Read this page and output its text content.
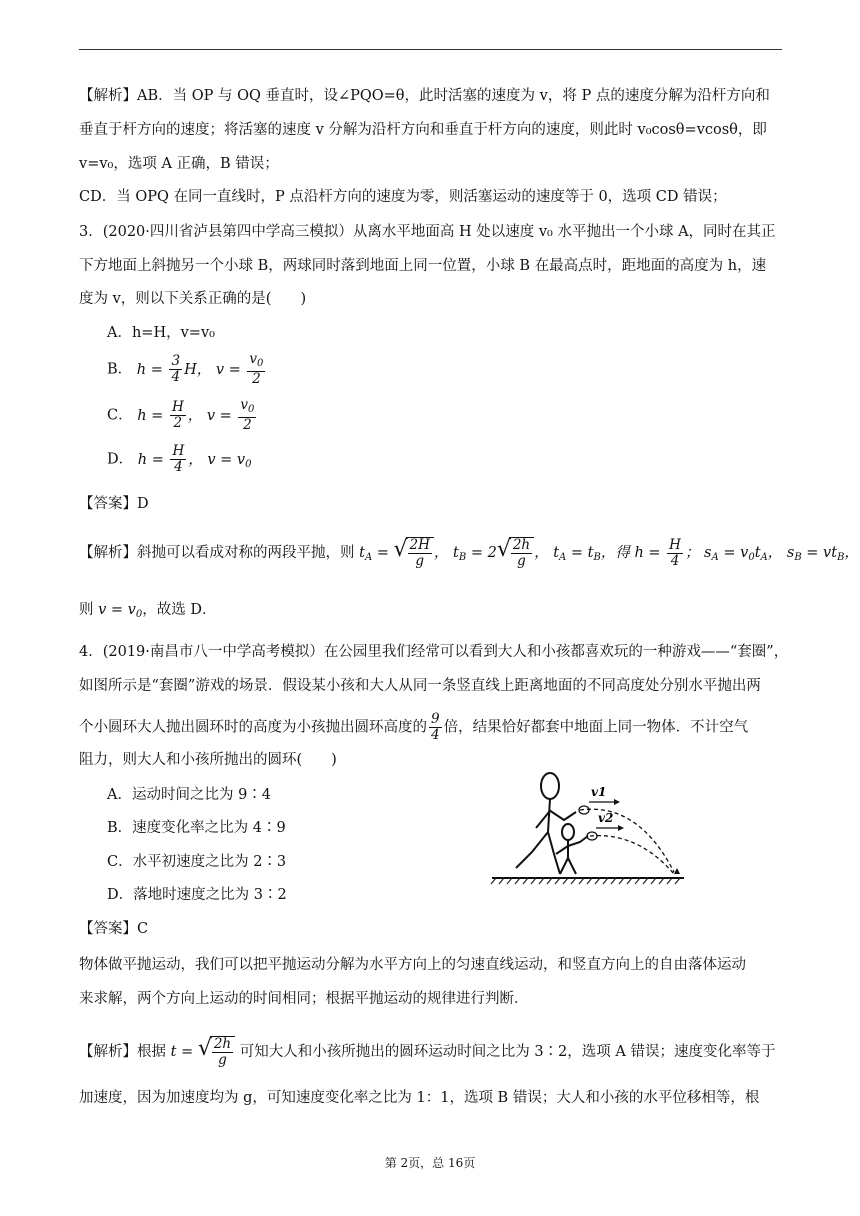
【解析】AB．当 OP 与 OQ 垂直时，设∠PQO=θ，此时活塞的速度为 v，将 P 点的速度分解为沿杆方向和
垂直于杆方向的速度；将活塞的速度 v 分解为沿杆方向和垂直于杆方向的速度，则此时 v₀cosθ=vcosθ，即
v=v₀，选项 A 正确，B 错误；
CD．当 OPQ 在同一直线时，P 点沿杆方向的速度为零，则活塞运动的速度等于 0，选项 CD 错误；
3．(2020·四川省泸县第四中学高三模拟）从离水平地面高 H 处以速度 v₀ 水平抛出一个小球 A，同时在其正
下方地面上斜抛另一个小球 B，两球同时落到地面上同一位置，小球 B 在最高点时，距地面的高度为 h，速
度为 v，则以下关系正确的是(　　)
A．h=H，v=v₀
B． $h = \frac{3}{4}$ H， $v = \frac{v_0}{2}$
C． $h = \frac{H}{2}$ ， $v = \frac{v_0}{2}$
D． $h = \frac{H}{4}$ ， $v = v_0$
【答案】D
【解析】斜抛可以看成对称的两段平抛，则 $t_A$ = √ $\frac{2H}{g}$ ， $t_B = 2$ √ $\frac{2h}{g}$ ， $t_A = t_B$，得 $h = \frac{H}{4}$ ； $s_A = v_0t_A$， $s_B = vt_B$，
则 $v = v_0$，故选 D．
4．(2019·南昌市八一中学高考模拟）在公园里我们经常可以看到大人和小孩都喜欢玩的一种游戏——“套圈”，
如图所示是“套圈”游戏的场景．假设某小孩和大人从同一条竖直线上距离地面的不同高度处分别水平抛出两
个小圆环大人抛出圆环时的高度为小孩抛出圆环高度的 $\frac{9}{4}$ 倍，结果恰好都套中地面上同一物体．不计空气
阻力，则大人和小孩所抛出的圆环(　　)
A．运动时间之比为 9∶4
B．速度变化率之比为 4∶9
C．水平初速度之比为 2∶3
D．落地时速度之比为 3∶2
v1
v2
【答案】C
物体做平抛运动，我们可以把平抛运动分解为水平方向上的匀速直线运动，和竖直方向上的自由落体运动
来求解，两个方向上运动的时间相同；根据平抛运动的规律进行判断．
【解析】根据 t = √ $\frac{2h}{g}$ 可知大人和小孩所抛出的圆环运动时间之比为 3∶2，选项 A 错误；速度变化率等于
加速度，因为加速度均为 g，可知速度变化率之比为 1：1，选项 B 错误；大人和小孩的水平位移相等，根
第 2页，总 16页
